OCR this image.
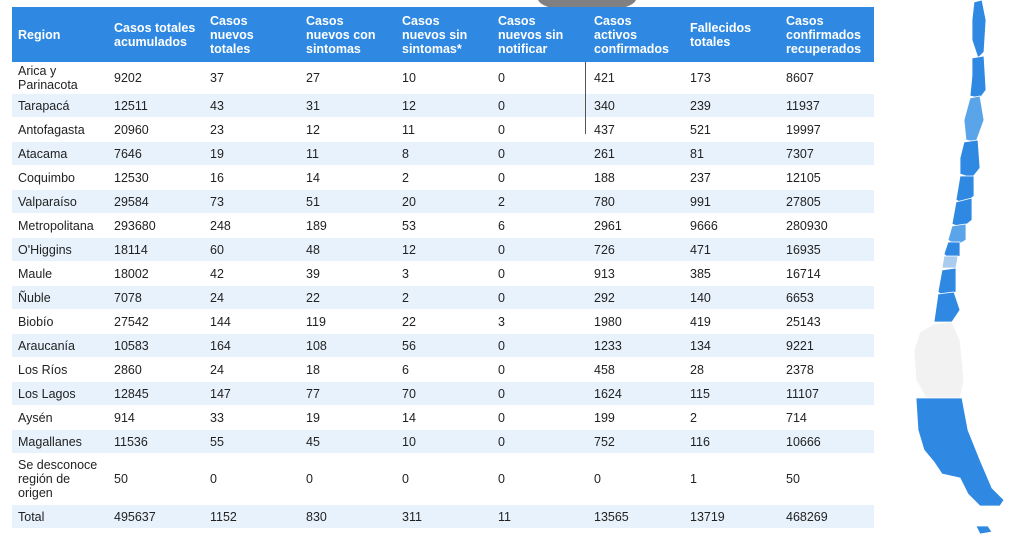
Region	Casos totales acumulados	Casos nuevos totales	Casos nuevos con sintomas	Casos nuevos sin sintomas*	Casos nuevos sin notificar	Casos activos confirmados	Fallecidos totales	Casos confirmados recuperados
Arica y Parinacota	9202	37	27	10	0	421	173	8607
Tarapacá	12511	43	31	12	0	340	239	11937
Antofagasta	20960	23	12	11	0	437	521	19997
Atacama	7646	19	11	8	0	261	81	7307
Coquimbo	12530	16	14	2	0	188	237	12105
Valparaíso	29584	73	51	20	2	780	991	27805
Metropolitana	293680	248	189	53	6	2961	9666	280930
O'Higgins	18114	60	48	12	0	726	471	16935
Maule	18002	42	39	3	0	913	385	16714
Ñuble	7078	24	22	2	0	292	140	6653
Biobío	27542	144	119	22	3	1980	419	25143
Araucanía	10583	164	108	56	0	1233	134	9221
Los Ríos	2860	24	18	6	0	458	28	2378
Los Lagos	12845	147	77	70	0	1624	115	11107
Aysén	914	33	19	14	0	199	2	714
Magallanes	11536	55	45	10	0	752	116	10666
Se desconoce región de origen	50	0	0	0	0	0	1	50
Total	495637	1152	830	311	11	13565	13719	468269
